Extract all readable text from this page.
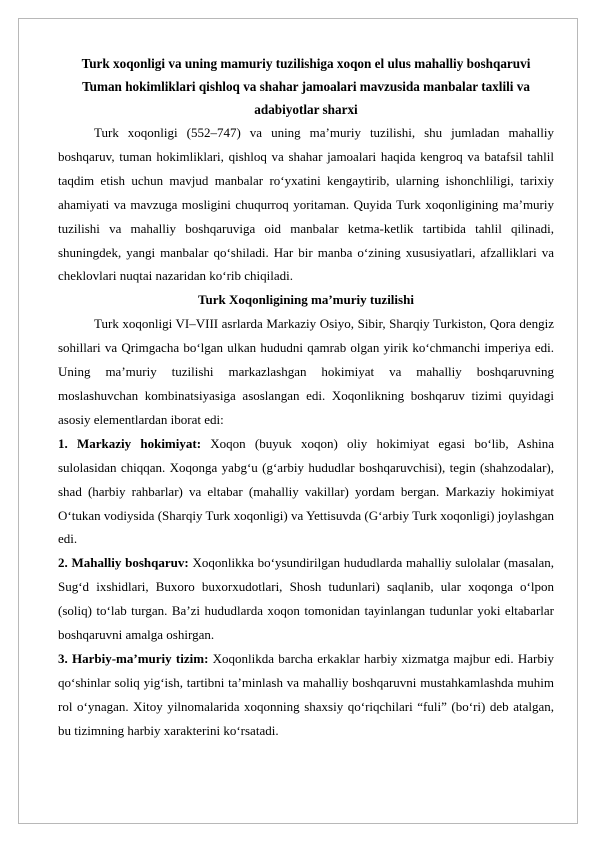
Turk xoqonligi va uning mamuriy tuzilishiga xoqon el ulus mahalliy boshqaruvi

Tuman hokimliklari qishloq va shahar jamoalari mavzusida manbalar taxlili va

adabiyotlar sharxi

Turk xoqonligi (552–747) va uning ma’muriy tuzilishi, shu jumladan mahalliy boshqaruv, tuman hokimliklari, qishloq va shahar jamoalari haqida kengroq va batafsil tahlil taqdim etish uchun mavjud manbalar ro‘yxatini kengaytirib, ularning ishonchliligi, tarixiy ahamiyati va mavzuga mosligini chuqurroq yoritaman. Quyida Turk xoqonligining ma’muriy tuzilishi va mahalliy boshqaruviga oid manbalar ketma-ketlik tartibida tahlil qilinadi, shuningdek, yangi manbalar qo‘shiladi. Har bir manba o‘zining xususiyatlari, afzalliklari va cheklovlari nuqtai nazaridan ko‘rib chiqiladi.

Turk Xoqonligining ma’muriy tuzilishi

Turk xoqonligi VI–VIII asrlarda Markaziy Osiyo, Sibir, Sharqiy Turkiston, Qora dengiz sohillari va Qrimgacha bo‘lgan ulkan hududni qamrab olgan yirik ko‘chmanchi imperiya edi. Uning ma’muriy tuzilishi markazlashgan hokimiyat va mahalliy boshqaruvning moslashuvchan kombinatsiyasiga asoslangan edi. Xoqonlikning boshqaruv tizimi quyidagi asosiy elementlardan iborat edi:

1. Markaziy hokimiyat: Xoqon (buyuk xoqon) oliy hokimiyat egasi bo‘lib, Ashina sulolasidan chiqqan. Xoqonga yabg‘u (g‘arbiy hududlar boshqaruvchisi), tegin (shahzodalar), shad (harbiy rahbarlar) va eltabar (mahalliy vakillar) yordam bergan. Markaziy hokimiyat O‘tukan vodiysida (Sharqiy Turk xoqonligi) va Yettisuvda (G‘arbiy Turk xoqonligi) joylashgan edi.

2. Mahalliy boshqaruv: Xoqonlikka bo‘ysundirilgan hududlarda mahalliy sulolalar (masalan, Sug‘d ixshidlari, Buxoro buxorxudotlari, Shosh tudunlari) saqlanib, ular xoqonga o‘lpon (soliq) to‘lab turgan. Ba’zi hududlarda xoqon tomonidan tayinlangan tudunlar yoki eltabarlar boshqaruvni amalga oshirgan.

3. Harbiy-ma’muriy tizim: Xoqonlikda barcha erkaklar harbiy xizmatga majbur edi. Harbiy qo‘shinlar soliq yig‘ish, tartibni ta’minlash va mahalliy boshqaruvni mustahkamlashda muhim rol o‘ynagan. Xitoy yilnomalarida xoqonning shaxsiy qo‘riqchilari “fuli” (bo‘ri) deb atalgan, bu tizimning harbiy xarakterini ko‘rsatadi.
